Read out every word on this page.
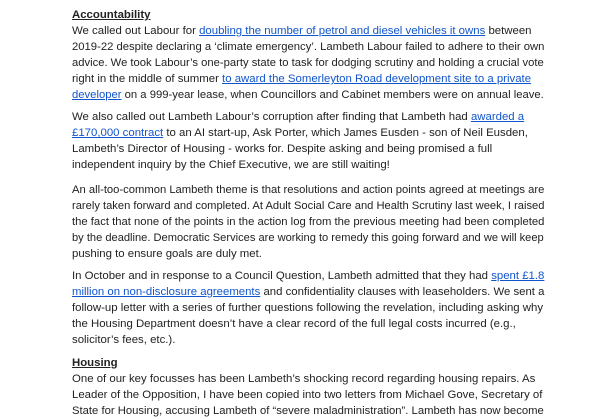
Accountability
We called out Labour for doubling the number of petrol and diesel vehicles it owns between
2019-22 despite declaring a ‘climate emergency’. Lambeth Labour failed to adhere to their own
advice. We took Labour’s one-party state to task for dodging scrutiny and holding a crucial vote
right in the middle of summer to award the Somerleyton Road development site to a private
developer on a 999-year lease, when Councillors and Cabinet members were on annual leave.
We also called out Lambeth Labour’s corruption after finding that Lambeth had awarded a
£170,000 contract to an AI start-up, Ask Porter, which James Eusden - son of Neil Eusden,
Lambeth’s Director of Housing - works for. Despite asking and being promised a full
independent inquiry by the Chief Executive, we are still waiting!
An all-too-common Lambeth theme is that resolutions and action points agreed at meetings are
rarely taken forward and completed. At Adult Social Care and Health Scrutiny last week, I raised
the fact that none of the points in the action log from the previous meeting had been completed
by the deadline. Democratic Services are working to remedy this going forward and we will keep
pushing to ensure goals are duly met.
In October and in response to a Council Question, Lambeth admitted that they had spent £1.8
million on non-disclosure agreements and confidentiality clauses with leaseholders. We sent a
follow-up letter with a series of further questions following the revelation, including asking why
the Housing Department doesn’t have a clear record of the full legal costs incurred (e.g.,
solicitor’s fees, etc.).
Housing
One of our key focusses has been Lambeth’s shocking record regarding housing repairs. As
Leader of the Opposition, I have been copied into two letters from Michael Gove, Secretary of
State for Housing, accusing Lambeth of “severe maladministration”. Lambeth has now become
